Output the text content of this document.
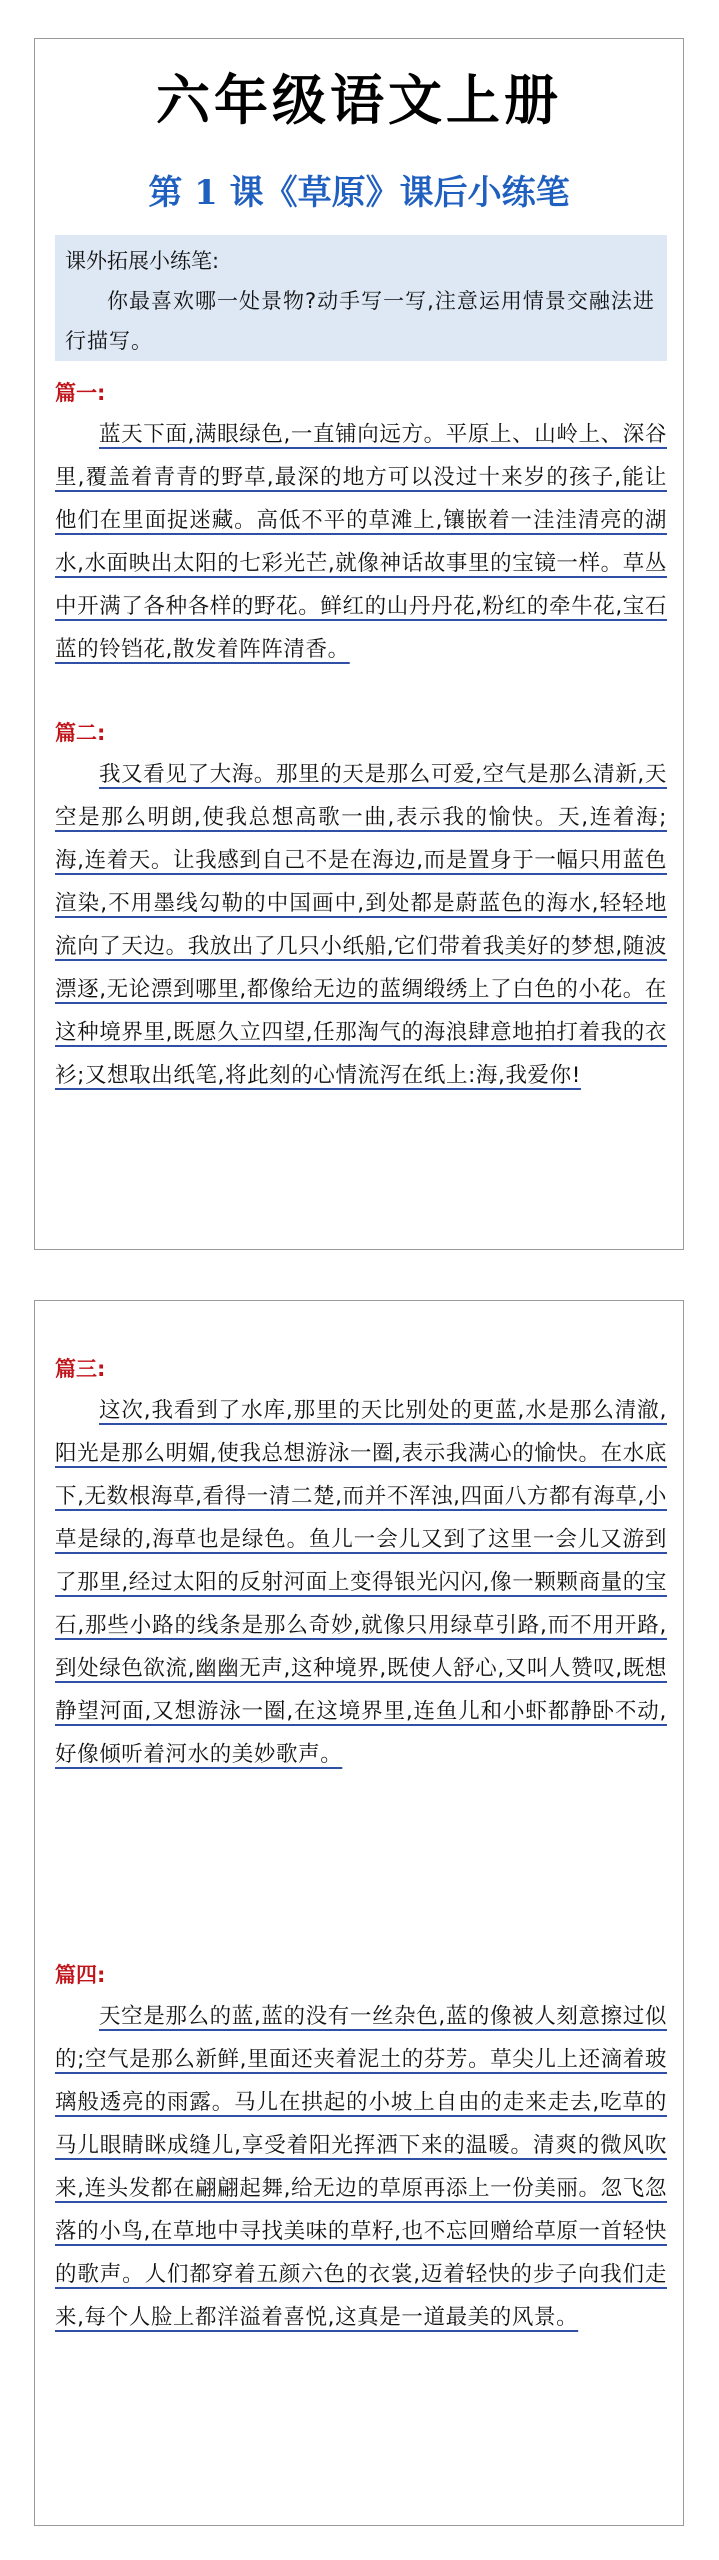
六年级语文上册
第 1 课《草原》课后小练笔
课外拓展小练笔:
你最喜欢哪一处景物?动手写一写,注意运用情景交融法进行描写。
篇一:

蓝天下面,满眼绿色,一直铺向远方。平原上、山岭上、深谷里,覆盖着青青的野草,最深的地方可以没过十来岁的孩子,能让他们在里面捉迷藏。高低不平的草滩上,镶嵌着一洼洼清亮的湖水,水面映出太阳的七彩光芒,就像神话故事里的宝镜一样。草丛中开满了各种各样的野花。鲜红的山丹丹花,粉红的牵牛花,宝石蓝的铃铛花,散发着阵阵清香。

篇二:

我又看见了大海。那里的天是那么可爱,空气是那么清新,天空是那么明朗,使我总想高歌一曲,表示我的愉快。天,连着海;海,连着天。让我感到自己不是在海边,而是置身于一幅只用蓝色渲染,不用墨线勾勒的中国画中,到处都是蔚蓝色的海水,轻轻地流向了天边。我放出了几只小纸船,它们带着我美好的梦想,随波漂逐,无论漂到哪里,都像给无边的蓝绸缎绣上了白色的小花。在这种境界里,既愿久立四望,任那淘气的海浪肆意地拍打着我的衣衫;又想取出纸笔,将此刻的心情流泻在纸上:海,我爱你!

篇三:

这次,我看到了水库,那里的天比别处的更蓝,水是那么清澈,阳光是那么明媚,使我总想游泳一圈,表示我满心的愉快。在水底下,无数根海草,看得一清二楚,而并不浑浊,四面八方都有海草,小草是绿的,海草也是绿色。鱼儿一会儿又到了这里一会儿又游到了那里,经过太阳的反射河面上变得银光闪闪,像一颗颗商量的宝石,那些小路的线条是那么奇妙,就像只用绿草引路,而不用开路,到处绿色欲流,幽幽无声,这种境界,既使人舒心,又叫人赞叹,既想静望河面,又想游泳一圈,在这境界里,连鱼儿和小虾都静卧不动,好像倾听着河水的美妙歌声。

篇四:

天空是那么的蓝,蓝的没有一丝杂色,蓝的像被人刻意擦过似的;空气是那么新鲜,里面还夹着泥土的芬芳。草尖儿上还滴着玻璃般透亮的雨露。马儿在拱起的小坡上自由的走来走去,吃草的马儿眼睛眯成缝儿,享受着阳光挥洒下来的温暖。清爽的微风吹来,连头发都在翩翩起舞,给无边的草原再添上一份美丽。忽飞忽落的小鸟,在草地中寻找美味的草籽,也不忘回赠给草原一首轻快的歌声。人们都穿着五颜六色的衣裳,迈着轻快的步子向我们走来,每个人脸上都洋溢着喜悦,这真是一道最美的风景。
